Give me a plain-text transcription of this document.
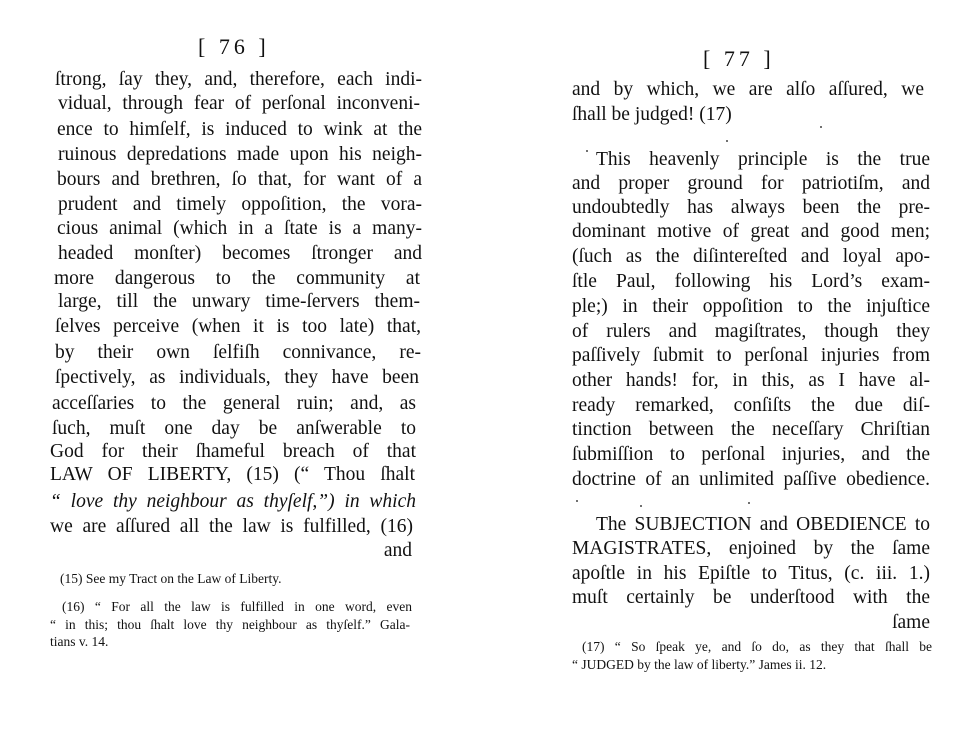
[ 76 ]
ſtrong, ſay they, and, therefore, each indi-
vidual, through fear of perſonal inconveni-
ence to himſelf, is induced to wink at the
ruinous depredations made upon his neigh-
bours and brethren, ſo that, for want of a
prudent and timely oppoſition, the vora-
cious animal (which in a ſtate is a many-
headed monſter) becomes ſtronger and
more dangerous to the community at
large, till the unwary time-ſervers them-
ſelves perceive (when it is too late) that,
by their own ſelfiſh connivance, re-
ſpectively, as individuals, they have been
acceſſaries to the general ruin; and, as
ſuch, muſt one day be anſwerable to
God for their ſhameful breach of that
LAW OF LIBERTY, (15) (“ Thou ſhalt
“ love thy neighbour as thyſelf,”) in which
we are aſſured all the law is fulfilled, (16)
and
(15) See my Tract on the Law of Liberty.
(16) “ For all the law is fulfilled in one word, even
“ in this; thou ſhalt love thy neighbour as thyſelf.” Gala-
tians v. 14.
[ 77 ]
and by which, we are alſo aſſured, we
ſhall be judged! (17)
This heavenly principle is the true
and proper ground for patriotiſm, and
undoubtedly has always been the pre-
dominant motive of great and good men;
(ſuch as the diſintereſted and loyal apo-
ſtle Paul, following his Lord’s exam-
ple;) in their oppoſition to the injuſtice
of rulers and magiſtrates, though they
paſſively ſubmit to perſonal injuries from
other hands! for, in this, as I have al-
ready remarked, conſiſts the due diſ-
tinction between the neceſſary Chriſtian
ſubmiſſion to perſonal injuries, and the
doctrine of an unlimited paſſive obedience.
The SUBJECTION and OBEDIENCE to
MAGISTRATES, enjoined by the ſame
apoſtle in his Epiſtle to Titus, (c. iii. 1.)
muſt certainly be underſtood with the
ſame
(17) “ So ſpeak ye, and ſo do, as they that ſhall be
“ JUDGED by the law of liberty.” James ii. 12.
